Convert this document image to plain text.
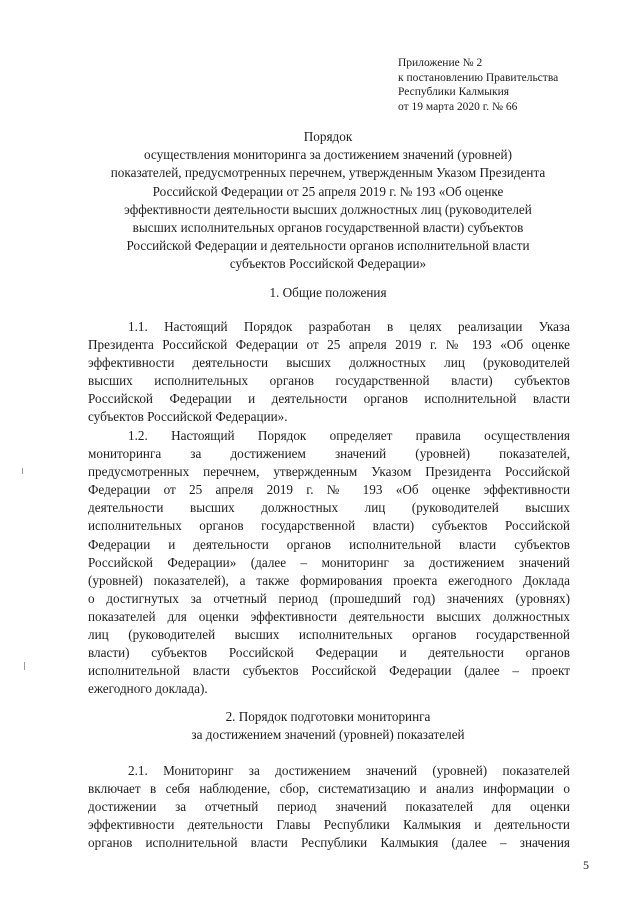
Приложение № 2
к постановлению Правительства
Республики Калмыкия
от 19 марта 2020 г. № 66
Порядок
осуществления мониторинга за достижением значений (уровней)
показателей, предусмотренных перечнем, утвержденным Указом Президента
Российской Федерации от 25 апреля 2019 г. № 193 «Об оценке
эффективности деятельности высших должностных лиц (руководителей
высших исполнительных органов государственной власти) субъектов
Российской Федерации и деятельности органов исполнительной власти
субъектов Российской Федерации»
1. Общие положения
1.1. Настоящий Порядок разработан в целях реализации Указа
Президента Российской Федерации от 25 апреля 2019 г. № 193 «Об оценке
эффективности деятельности высших должностных лиц (руководителей
высших исполнительных органов государственной власти) субъектов
Российской Федерации и деятельности органов исполнительной власти
субъектов Российской Федерации».
1.2. Настоящий Порядок определяет правила осуществления
мониторинга за достижением значений (уровней) показателей,
предусмотренных перечнем, утвержденным Указом Президента Российской
Федерации от 25 апреля 2019 г. № 193 «Об оценке эффективности
деятельности высших должностных лиц (руководителей высших
исполнительных органов государственной власти) субъектов Российской
Федерации и деятельности органов исполнительной власти субъектов
Российской Федерации» (далее – мониторинг за достижением значений
(уровней) показателей), а также формирования проекта ежегодного Доклада
о достигнутых за отчетный период (прошедший год) значениях (уровнях)
показателей для оценки эффективности деятельности высших должностных
лиц (руководителей высших исполнительных органов государственной
власти) субъектов Российской Федерации и деятельности органов
исполнительной власти субъектов Российской Федерации (далее – проект
ежегодного доклада).
2. Порядок подготовки мониторинга
за достижением значений (уровней) показателей
2.1. Мониторинг за достижением значений (уровней) показателей
включает в себя наблюдение, сбор, систематизацию и анализ информации о
достижении за отчетный период значений показателей для оценки
эффективности деятельности Главы Республики Калмыкия и деятельности
органов исполнительной власти Республики Калмыкия (далее – значения
5
